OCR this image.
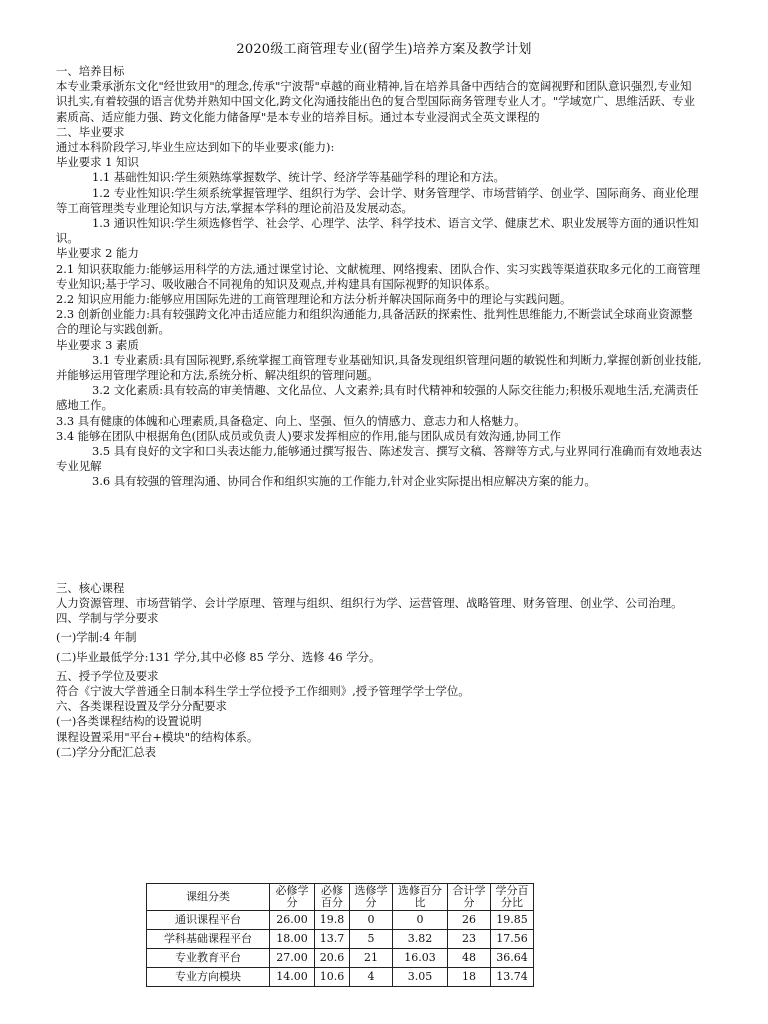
2020级工商管理专业(留学生)培养方案及教学计划

一、培养目标

本专业秉承浙东文化"经世致用"的理念,传承"宁波帮"卓越的商业精神,旨在培养具备中西结合的宽阔视野和团队意识强烈,专业知识扎实,有着较强的语言优势并熟知中国文化,跨文化沟通技能出色的复合型国际商务管理专业人才。"学域宽广、思维活跃、专业素质高、适应能力强、跨文化能力储备厚"是本专业的培养目标。通过本专业浸润式全英文课程的

二、毕业要求

通过本科阶段学习,毕业生应达到如下的毕业要求(能力):

毕业要求 1 知识

1.1 基础性知识:学生须熟练掌握数学、统计学、经济学等基础学科的理论和方法。

1.2 专业性知识:学生须系统掌握管理学、组织行为学、会计学、财务管理学、市场营销学、创业学、国际商务、商业伦理等工商管理类专业理论知识与方法,掌握本学科的理论前沿及发展动态。

1.3 通识性知识:学生须选修哲学、社会学、心理学、法学、科学技术、语言文学、健康艺术、职业发展等方面的通识性知识。

毕业要求 2 能力

2.1 知识获取能力:能够运用科学的方法,通过课堂讨论、文献梳理、网络搜索、团队合作、实习实践等渠道获取多元化的工商管理专业知识;基于学习、吸收融合不同视角的知识及观点,并构建具有国际视野的知识体系。

2.2 知识应用能力:能够应用国际先进的工商管理理论和方法分析并解决国际商务中的理论与实践问题。

2.3 创新创业能力:具有较强跨文化冲击适应能力和组织沟通能力,具备活跃的探索性、批判性思维能力,不断尝试全球商业资源整合的理论与实践创新。

毕业要求 3 素质

3.1 专业素质:具有国际视野,系统掌握工商管理专业基础知识,具备发现组织管理问题的敏锐性和判断力,掌握创新创业技能,并能够运用管理学理论和方法,系统分析、解决组织的管理问题。

3.2 文化素质:具有较高的审美情趣、文化品位、人文素养;具有时代精神和较强的人际交往能力;积极乐观地生活,充满责任感地工作。

3.3 具有健康的体魄和心理素质,具备稳定、向上、坚强、恒久的情感力、意志力和人格魅力。

3.4 能够在团队中根据角色(团队成员或负责人)要求发挥相应的作用,能与团队成员有效沟通,协同工作

3.5 具有良好的文字和口头表达能力,能够通过撰写报告、陈述发言、撰写文稿、答辩等方式,与业界同行准确而有效地表达专业见解

3.6 具有较强的管理沟通、协同合作和组织实施的工作能力,针对企业实际提出相应解决方案的能力。

三、核心课程

人力资源管理、市场营销学、会计学原理、管理与组织、组织行为学、运营管理、战略管理、财务管理、创业学、公司治理。

四、学制与学分要求

(一)学制:4 年制

(二)毕业最低学分:131 学分,其中必修 85 学分、选修 46 学分。

五、授予学位及要求

符合《宁波大学普通全日制本科生学士学位授予工作细则》,授予管理学学士学位。

六、各类课程设置及学分分配要求

(一)各类课程结构的设置说明

课程设置采用"平台+模块"的结构体系。

(二)学分分配汇总表

课组分类	必修学分	必修百分	选修学分	选修百分比	合计学分	学分百分比
通识课程平台	26.00	19.8	0	0	26	19.85
学科基础课程平台	18.00	13.7	5	3.82	23	17.56
专业教育平台	27.00	20.6	21	16.03	48	36.64
专业方向模块	14.00	10.6	4	3.05	18	13.74
